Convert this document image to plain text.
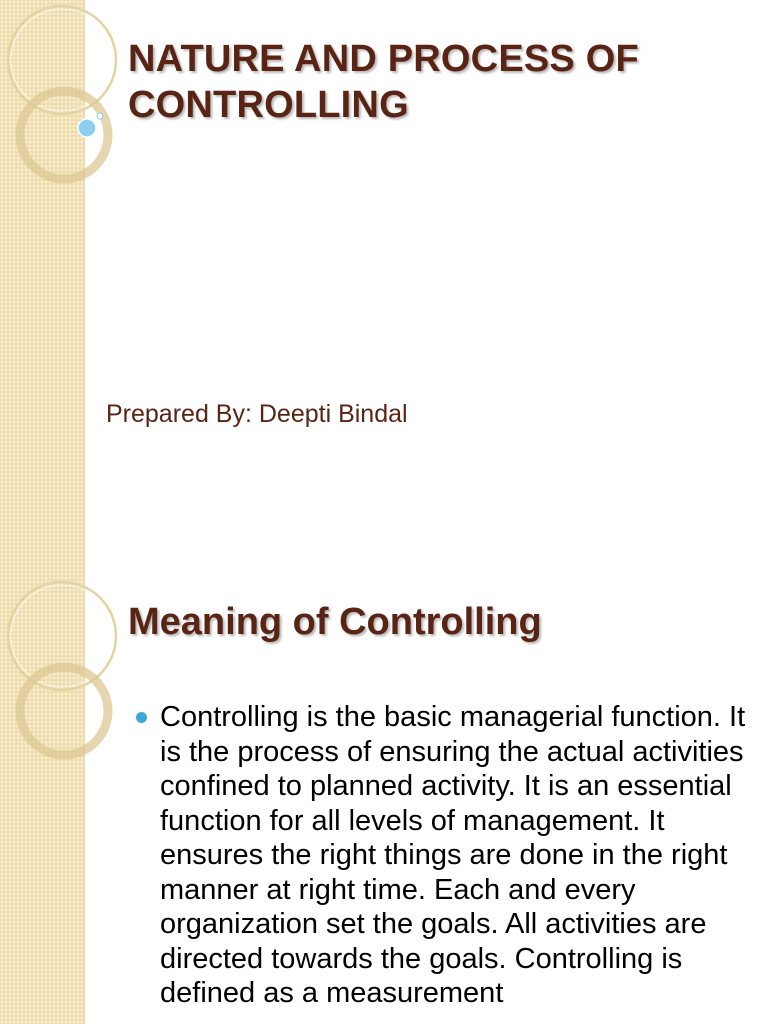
NATURE AND PROCESS OF CONTROLLING

Prepared By: Deepti Bindal

Meaning of Controlling
Controlling is the basic managerial function. It is the process of ensuring the actual activities confined to planned activity. It is an essential function for all levels of management. It ensures the right things are done in the right manner at right time. Each and every organization set the goals. All activities are directed towards the goals. Controlling is defined as a measurement
